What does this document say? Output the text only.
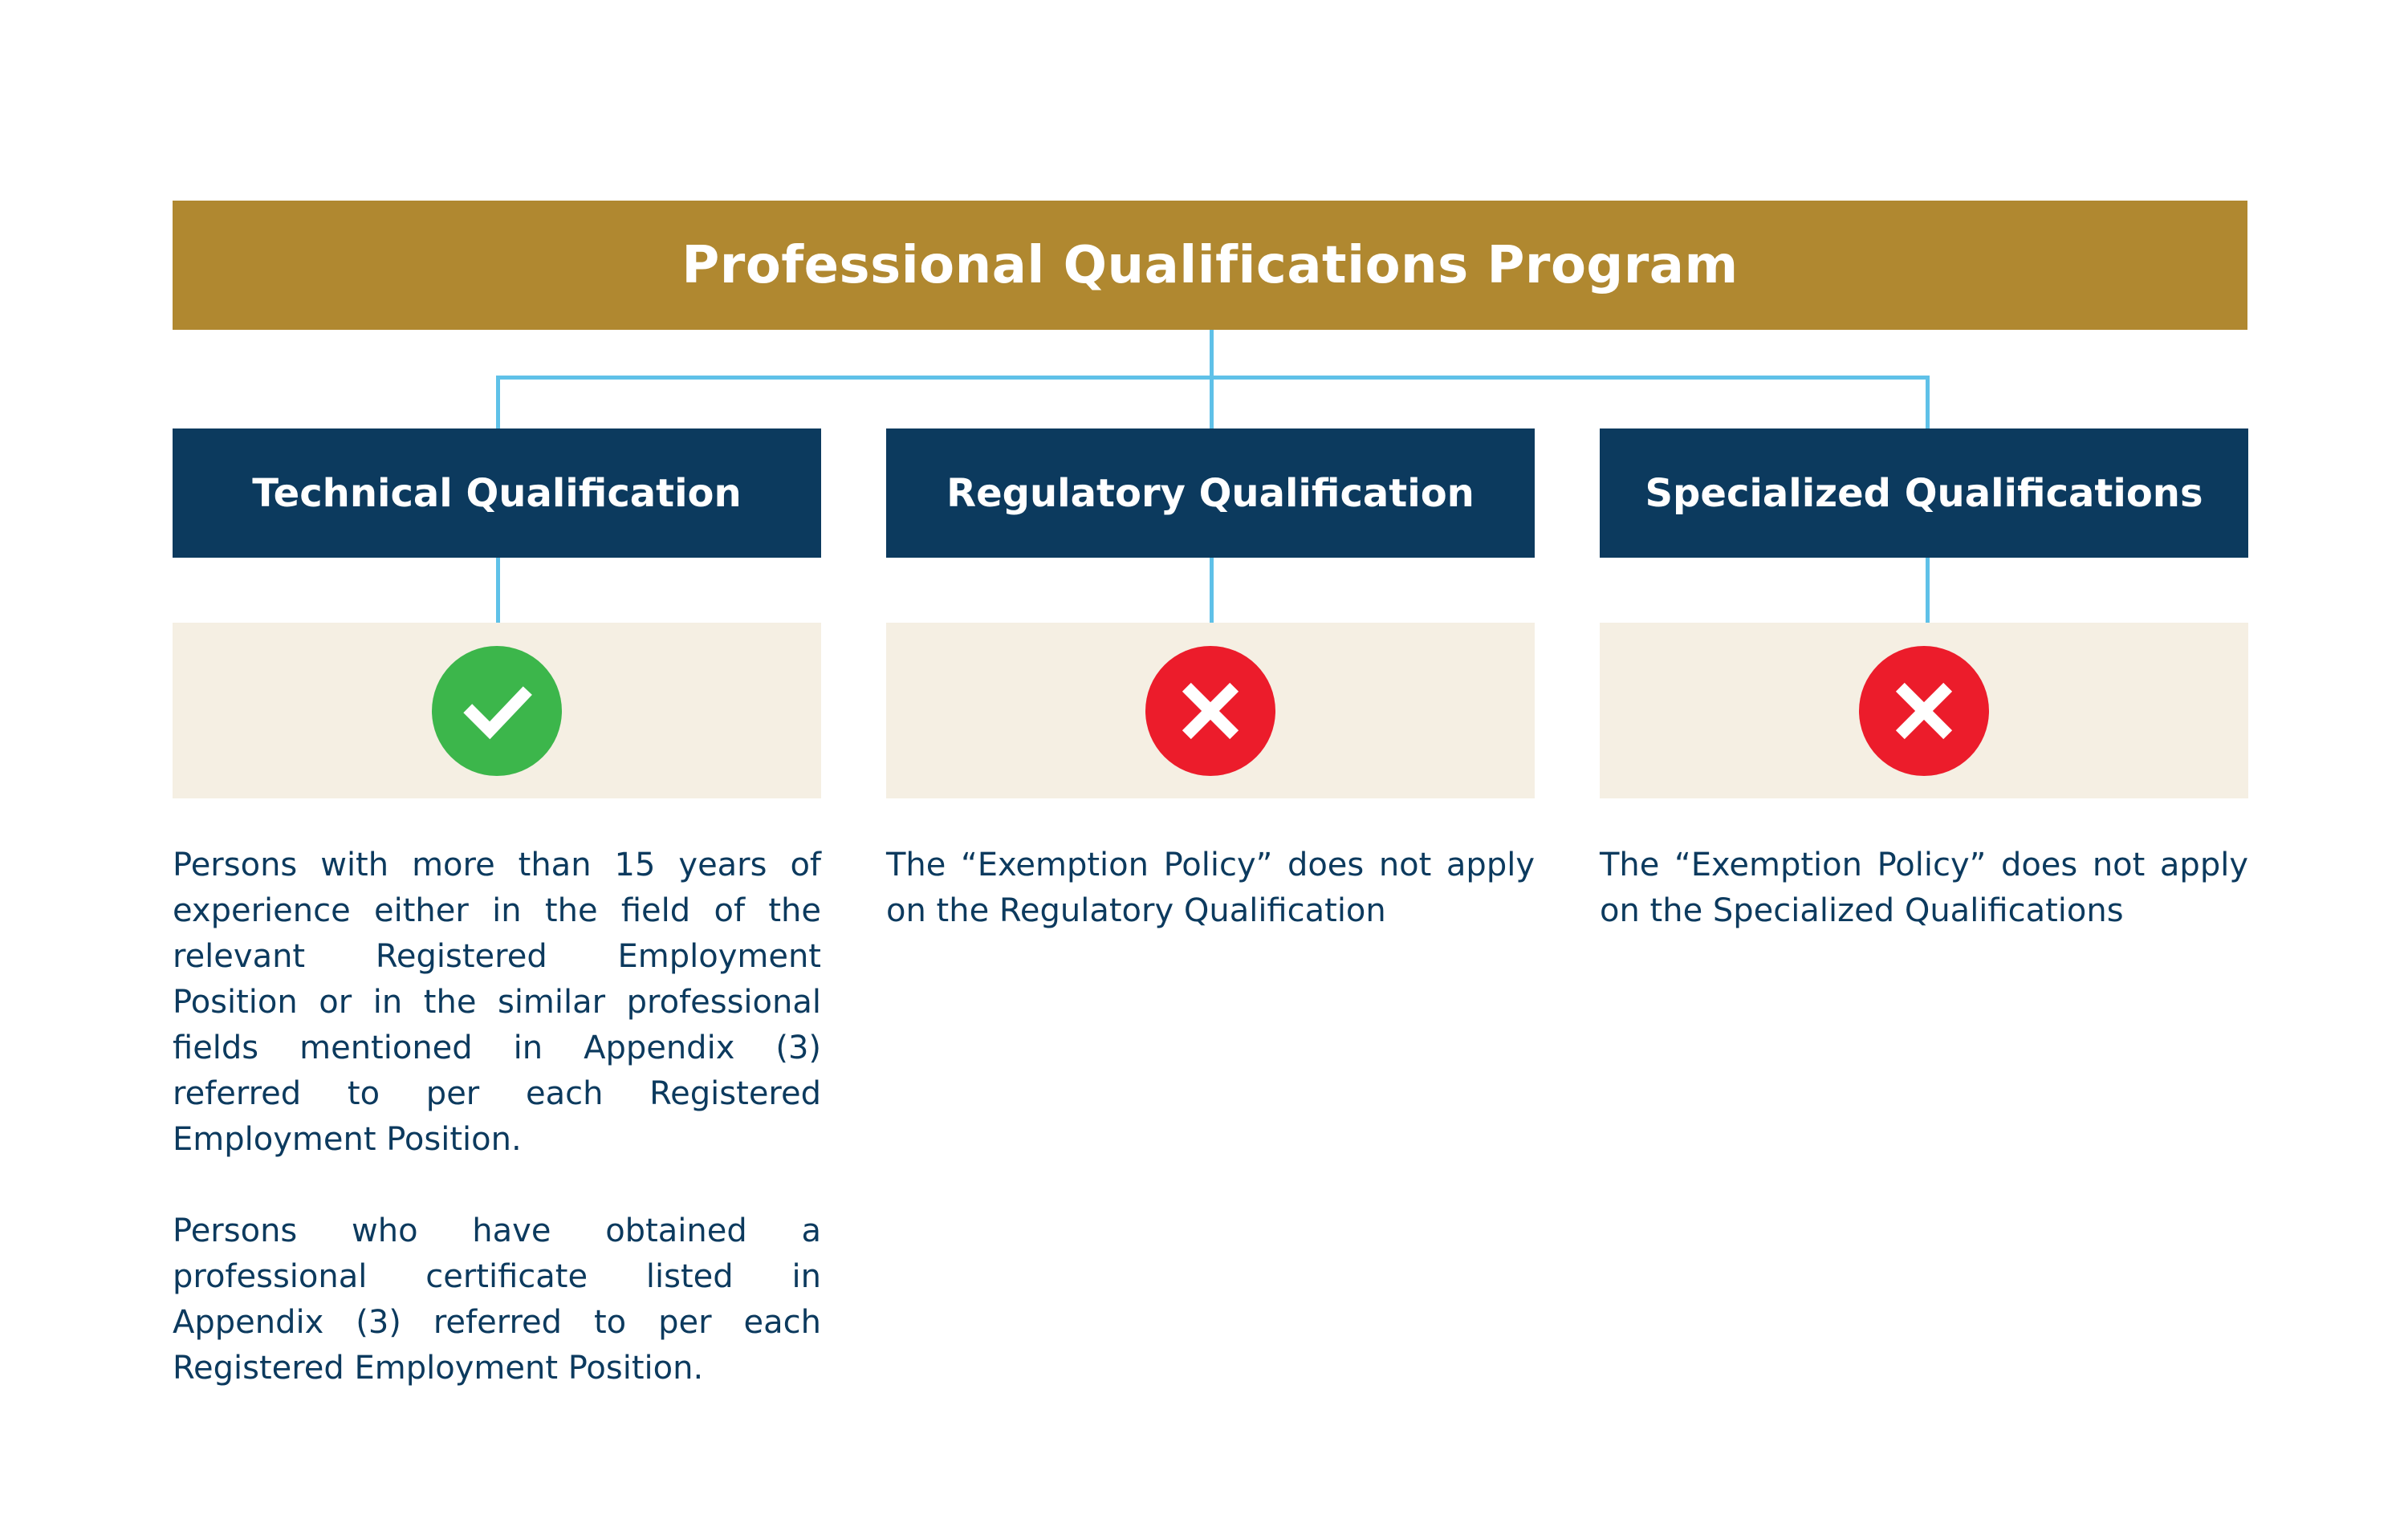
Professional Qualifications Program
Technical Qualification

Persons with more than 15 years of experience either in the field of the relevant Registered Employment Position or in the similar professional fields mentioned in Appendix (3) referred to per each Registered Employment Position.

Persons who have obtained a professional certificate listed in Appendix (3) referred to per each Registered Employment Position.

Regulatory Qualification

The “Exemption Policy” does not apply on the Regulatory Qualification

Specialized Qualifications

The “Exemption Policy” does not apply on the Specialized Qualifications
